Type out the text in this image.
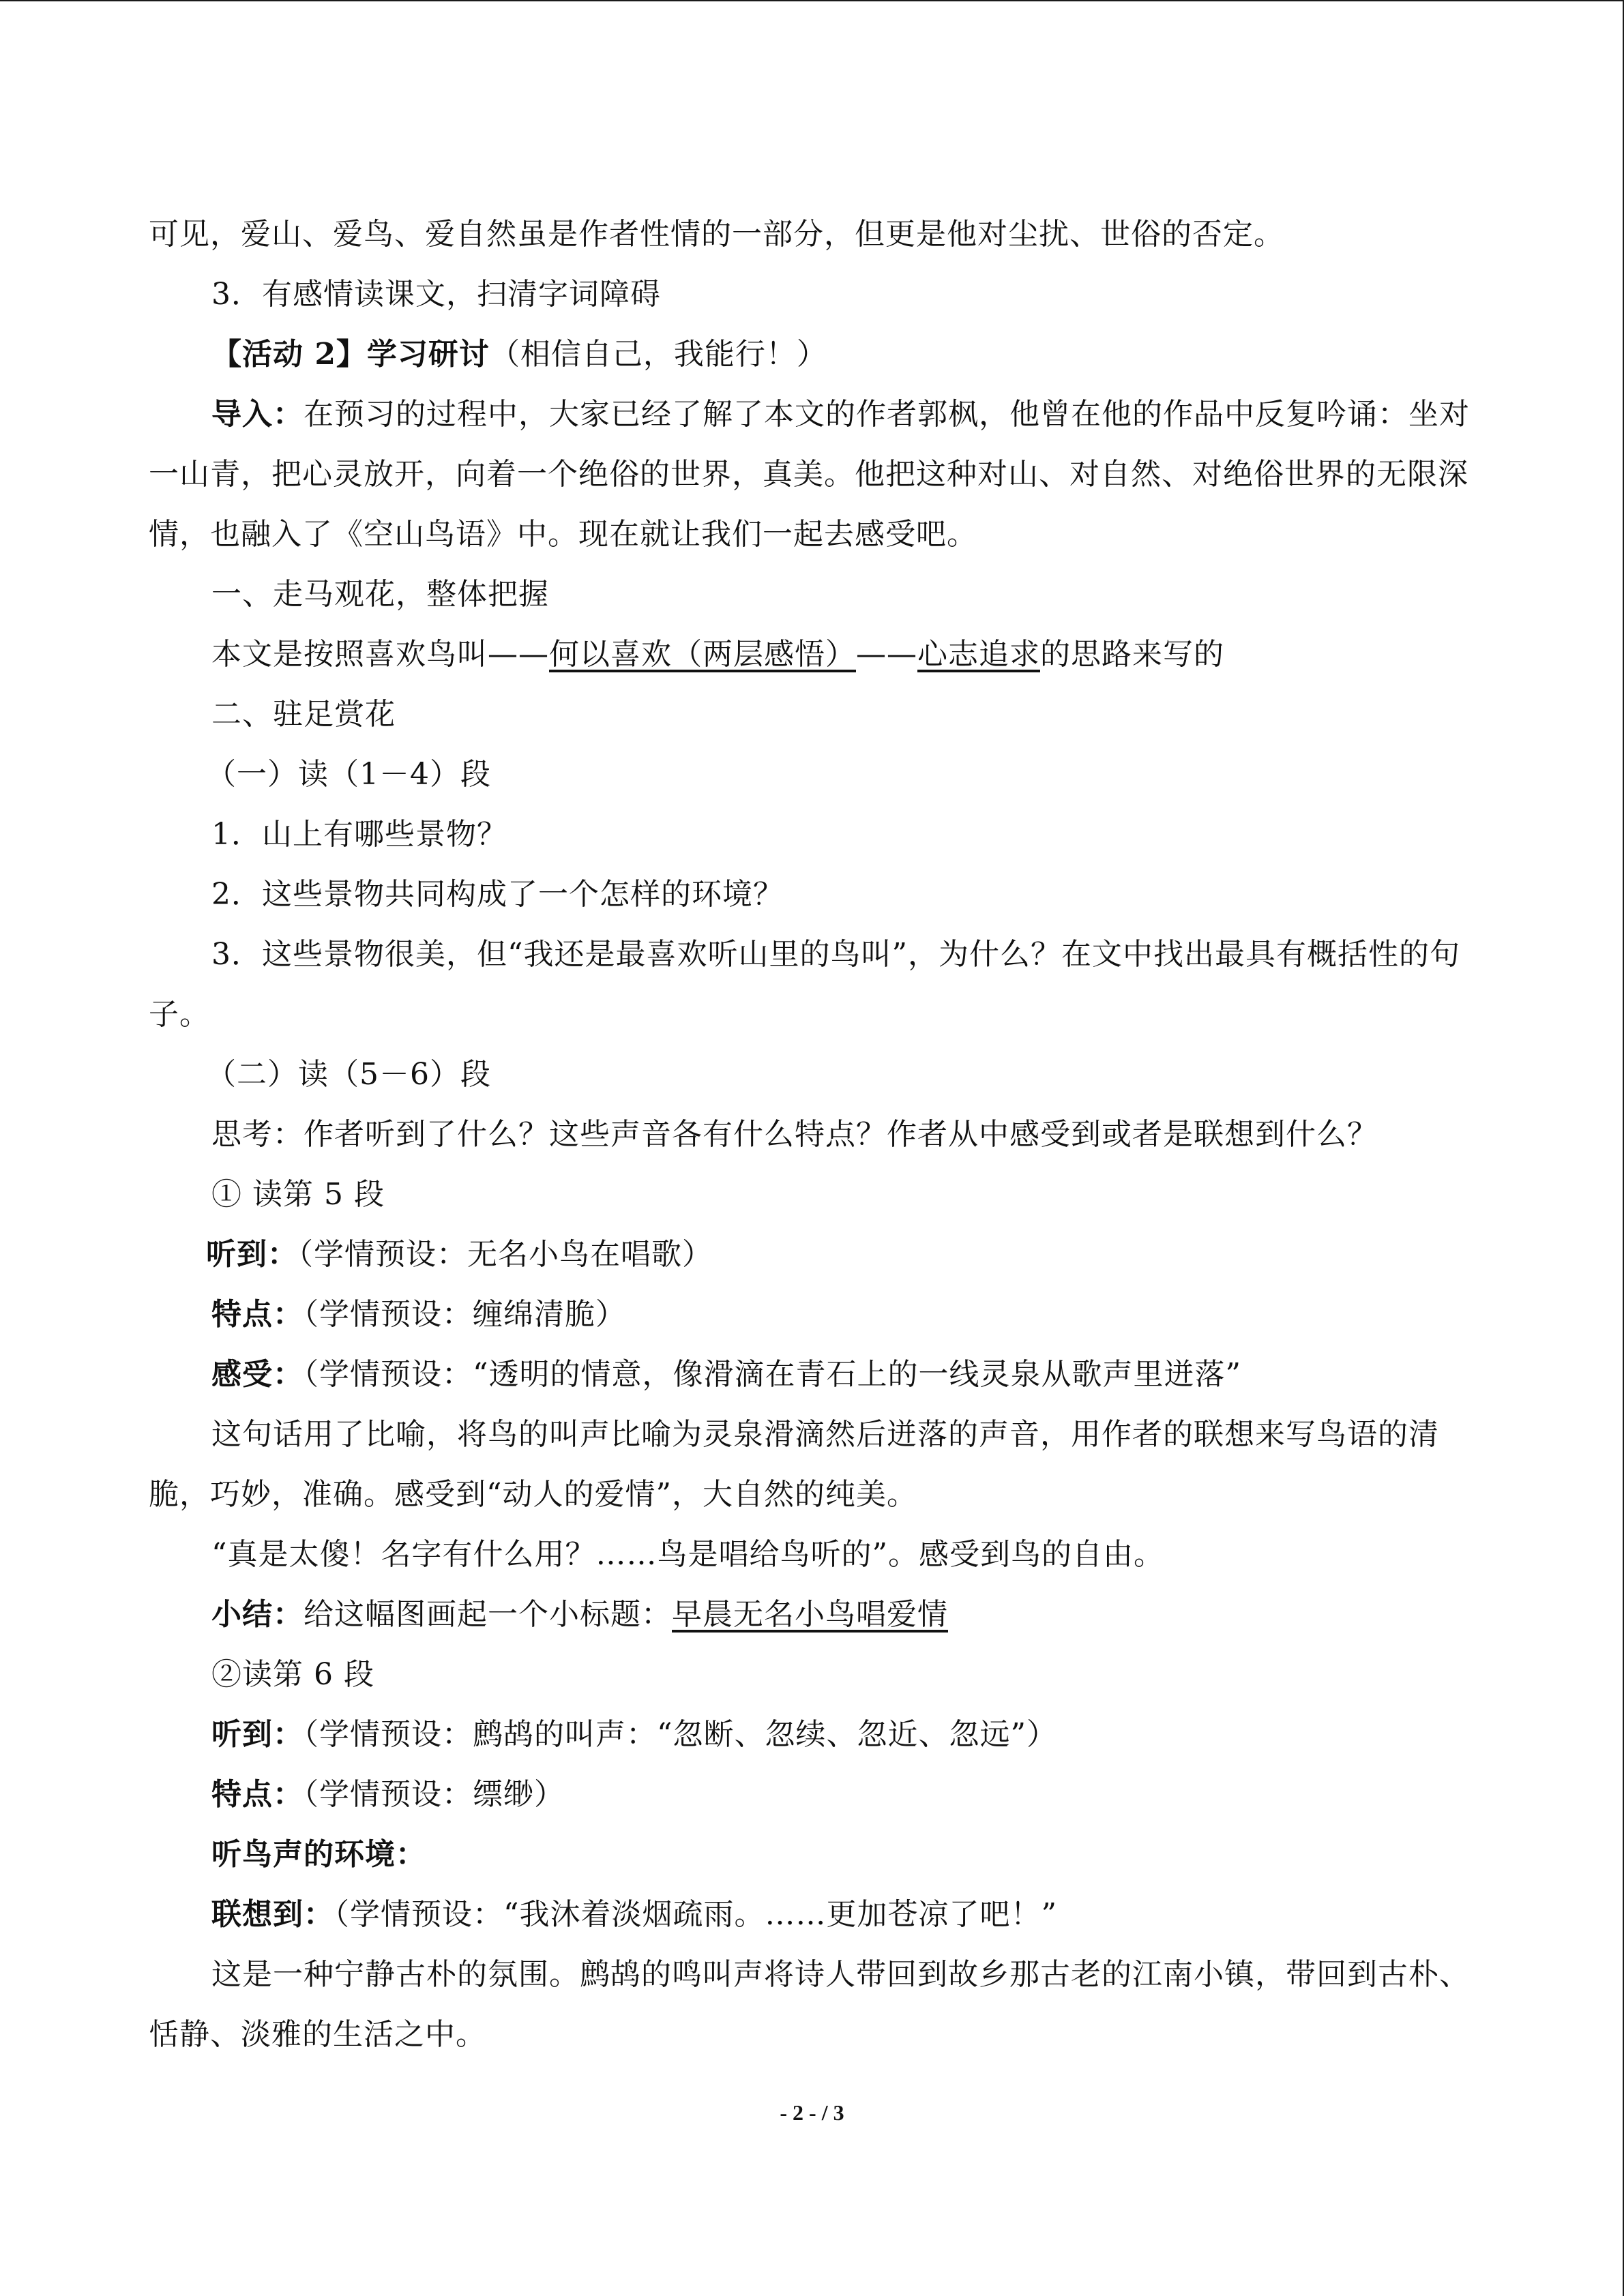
可见，爱山、爱鸟、爱自然虽是作者性情的一部分，但更是他对尘扰、世俗的否定。
3．有感情读课文，扫清字词障碍
【活动 2】学习研讨（相信自己，我能行！）
导入：在预习的过程中，大家已经了解了本文的作者郭枫，他曾在他的作品中反复吟诵：坐对一山青，把心灵放开，向着一个绝俗的世界，真美。他把这种对山、对自然、对绝俗世界的无限深情，也融入了《空山鸟语》中。现在就让我们一起去感受吧。
一、走马观花，整体把握
本文是按照喜欢鸟叫——何以喜欢（两层感悟）——心志追求的思路来写的
二、驻足赏花
（一）读（1－4）段
1．山上有哪些景物？
2．这些景物共同构成了一个怎样的环境？
3．这些景物很美，但“我还是最喜欢听山里的鸟叫”，为什么？在文中找出最具有概括性的句子。
（二）读（5－6）段
思考：作者听到了什么？这些声音各有什么特点？作者从中感受到或者是联想到什么？
① 读第 5 段
听到：（学情预设：无名小鸟在唱歌）
特点：（学情预设：缠绵清脆）
感受：（学情预设：“透明的情意，像滑滴在青石上的一线灵泉从歌声里迸落”
这句话用了比喻，将鸟的叫声比喻为灵泉滑滴然后迸落的声音，用作者的联想来写鸟语的清脆，巧妙，准确。感受到“动人的爱情”，大自然的纯美。
“真是太傻！名字有什么用？……鸟是唱给鸟听的”。感受到鸟的自由。
小结：给这幅图画起一个小标题：早晨无名小鸟唱爱情
②读第 6 段
听到：（学情预设：鹧鸪的叫声：“忽断、忽续、忽近、忽远”）
特点：（学情预设：缥缈）
听鸟声的环境：
联想到：（学情预设：“我沐着淡烟疏雨。……更加苍凉了吧！”
这是一种宁静古朴的氛围。鹧鸪的鸣叫声将诗人带回到故乡那古老的江南小镇，带回到古朴、恬静、淡雅的生活之中。
- 2 - / 3
